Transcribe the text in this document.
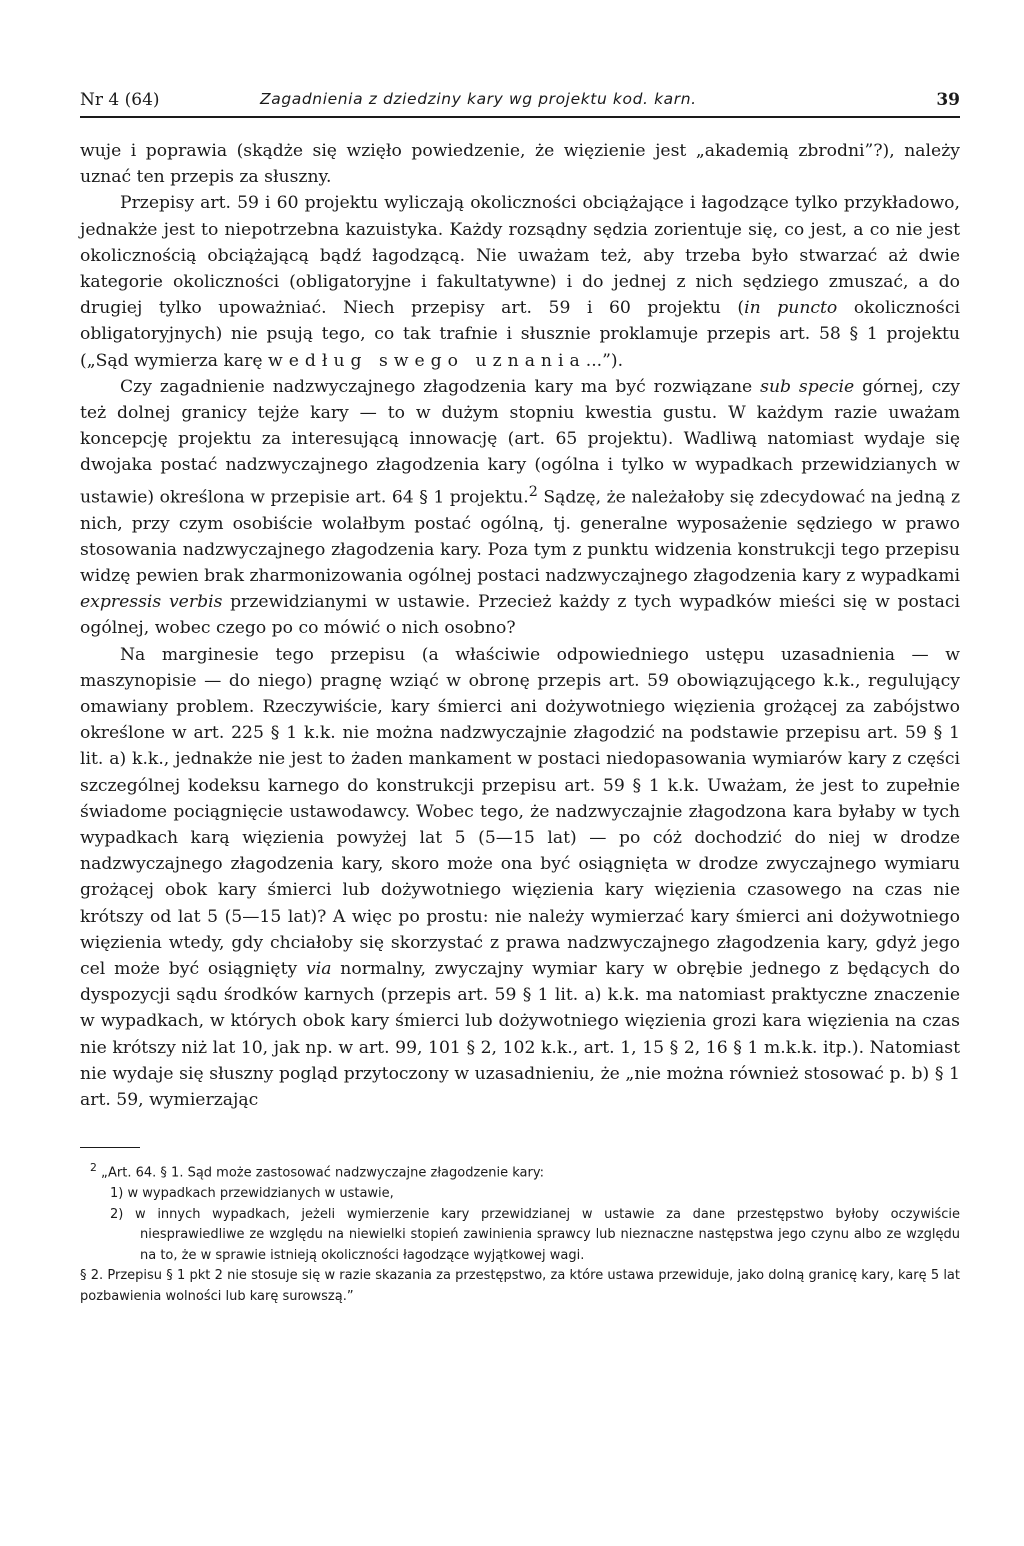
Nr 4 (64)	Zagadnienia z dziedziny kary wg projektu kod. karn.	39

wuje i poprawia (skądże się wzięło powiedzenie, że więzienie jest „akademią zbrodni”?), należy uznać ten przepis za słuszny.

Przepisy art. 59 i 60 projektu wyliczają okoliczności obciążające i łagodzące tylko przykładowo, jednakże jest to niepotrzebna kazuistyka. Każdy rozsądny sędzia zorientuje się, co jest, a co nie jest okolicznością obciążającą bądź łagodzącą. Nie uważam też, aby trzeba było stwarzać aż dwie kategorie okoliczności (obligatoryjne i fakultatywne) i do jednej z nich sędziego zmuszać, a do drugiej tylko upoważniać. Niech przepisy art. 59 i 60 projektu (in puncto okoliczności obligatoryjnych) nie psują tego, co tak trafnie i słusznie proklamuje przepis art. 58 § 1 projektu („Sąd wymierza karę według swego uznania...”).

Czy zagadnienie nadzwyczajnego złagodzenia kary ma być rozwiązane sub specie górnej, czy też dolnej granicy tejże kary — to w dużym stopniu kwestia gustu. W każdym razie uważam koncepcję projektu za interesującą innowację (art. 65 projektu). Wadliwą natomiast wydaje się dwojaka postać nadzwyczajnego złagodzenia kary (ogólna i tylko w wypadkach przewidzianych w ustawie) określona w przepisie art. 64 § 1 projektu.$^2$ Sądzę, że należałoby się zdecydować na jedną z nich, przy czym osobiście wolałbym postać ogólną, tj. generalne wyposażenie sędziego w prawo stosowania nadzwyczajnego złagodzenia kary. Poza tym z punktu widzenia konstrukcji tego przepisu widzę pewien brak zharmonizowania ogólnej postaci nadzwyczajnego złagodzenia kary z wypadkami expressis verbis przewidzianymi w ustawie. Przecież każdy z tych wypadków mieści się w postaci ogólnej, wobec czego po co mówić o nich osobno?

Na marginesie tego przepisu (a właściwie odpowiedniego ustępu uzasadnienia — w maszynopisie — do niego) pragnę wziąć w obronę przepis art. 59 obowiązującego k.k., regulujący omawiany problem. Rzeczywiście, kary śmierci ani dożywotniego więzienia grożącej za zabójstwo określone w art. 225 § 1 k.k. nie można nadzwyczajnie złagodzić na podstawie przepisu art. 59 § 1 lit. a) k.k., jednakże nie jest to żaden mankament w postaci niedopasowania wymiarów kary z części szczególnej kodeksu karnego do konstrukcji przepisu art. 59 § 1 k.k. Uważam, że jest to zupełnie świadome pociągnięcie ustawodawcy. Wobec tego, że nadzwyczajnie złagodzona kara byłaby w tych wypadkach karą więzienia powyżej lat 5 (5—15 lat) — po cóż dochodzić do niej w drodze nadzwyczajnego złagodzenia kary, skoro może ona być osiągnięta w drodze zwyczajnego wymiaru grożącej obok kary śmierci lub dożywotniego więzienia kary więzienia czasowego na czas nie krótszy od lat 5 (5—15 lat)? A więc po prostu: nie należy wymierzać kary śmierci ani dożywotniego więzienia wtedy, gdy chciałoby się skorzystać z prawa nadzwyczajnego złagodzenia kary, gdyż jego cel może być osiągnięty via normalny, zwyczajny wymiar kary w obrębie jednego z będących do dyspozycji sądu środków karnych (przepis art. 59 § 1 lit. a) k.k. ma natomiast praktyczne znaczenie w wypadkach, w których obok kary śmierci lub dożywotniego więzienia grozi kara więzienia na czas nie krótszy niż lat 10, jak np. w art. 99, 101 § 2, 102 k.k., art. 1, 15 § 2, 16 § 1 m.k.k. itp.). Natomiast nie wydaje się słuszny pogląd przytoczony w uzasadnieniu, że „nie można również stosować p. b) § 1 art. 59, wymierzając

$^2$ „Art. 64. § 1. Sąd może zastosować nadzwyczajne złagodzenie kary:

1) w wypadkach przewidzianych w ustawie,

2) w innych wypadkach, jeżeli wymierzenie kary przewidzianej w ustawie za dane przestępstwo byłoby oczywiście niesprawiedliwe ze względu na niewielki stopień zawinienia sprawcy lub nieznaczne następstwa jego czynu albo ze względu na to, że w sprawie istnieją okoliczności łagodzące wyjątkowej wagi.

§ 2. Przepisu § 1 pkt 2 nie stosuje się w razie skazania za przestępstwo, za które ustawa przewiduje, jako dolną granicę kary, karę 5 lat pozbawienia wolności lub karę surowszą.”
